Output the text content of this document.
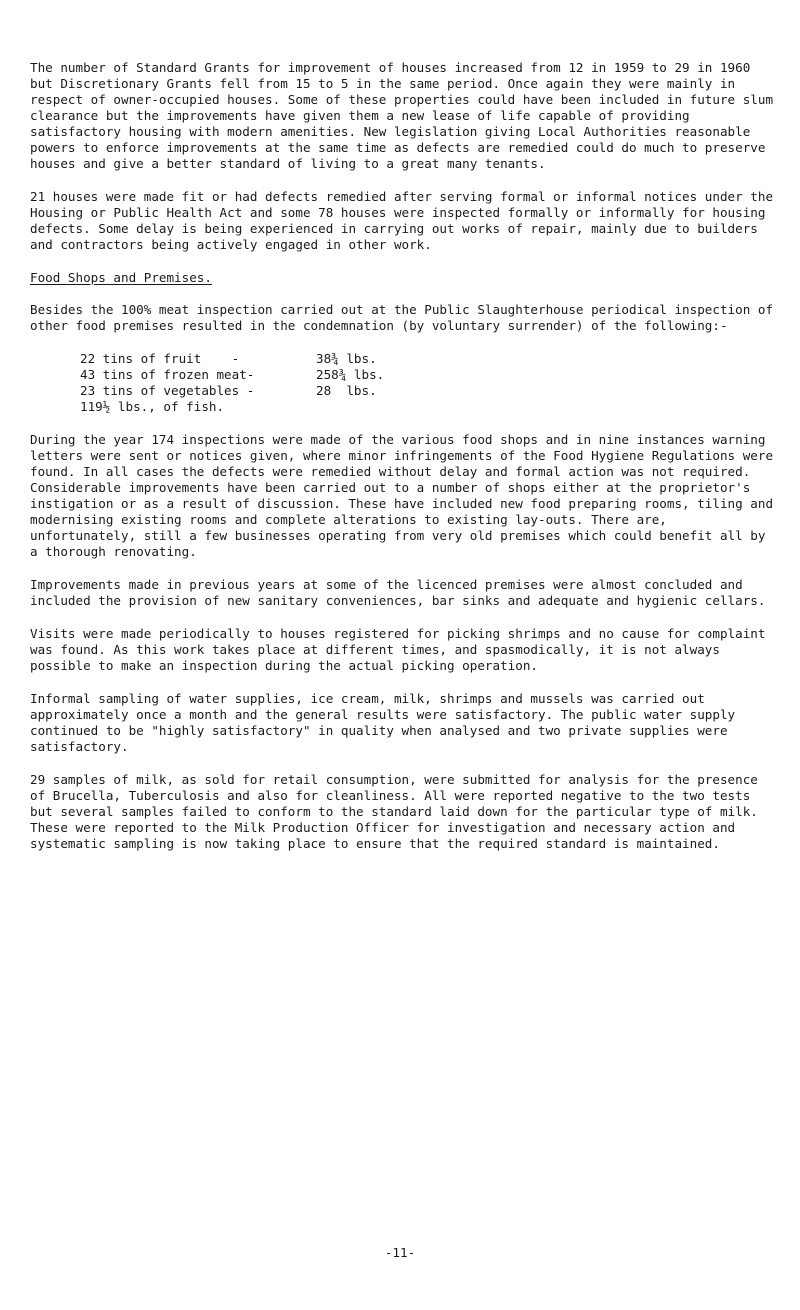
The number of Standard Grants for improvement of houses increased from 12 in 1959 to 29 in 1960 but Discretionary Grants fell from 15 to 5 in the same period. Once again they were mainly in respect of owner-occupied houses. Some of these properties could have been included in future slum clearance but the improvements have given them a new lease of life capable of providing satisfactory housing with modern amenities. New legislation giving Local Authorities reasonable powers to enforce improvements at the same time as defects are remedied could do much to preserve houses and give a better standard of living to a great many tenants.

21 houses were made fit or had defects remedied after serving formal or informal notices under the Housing or Public Health Act and some 78 houses were inspected formally or informally for housing defects. Some delay is being experienced in carrying out works of repair, mainly due to builders and contractors being actively engaged in other work.

Food Shops and Premises.

Besides the 100% meat inspection carried out at the Public Slaughterhouse periodical inspection of other food premises resulted in the condemnation (by voluntary surrender) of the following:-

22 tins of fruit    -	38¾ lbs.
43 tins of frozen meat-	258¾ lbs.
23 tins of vegetables -	28  lbs.
119½ lbs., of fish.

During the year 174 inspections were made of the various food shops and in nine instances warning letters were sent or notices given, where minor infringements of the Food Hygiene Regulations were found. In all cases the defects were remedied without delay and formal action was not required. Considerable improvements have been carried out to a number of shops either at the proprietor's instigation or as a result of discussion. These have included new food preparing rooms, tiling and modernising existing rooms and complete alterations to existing lay-outs. There are, unfortunately, still a few businesses operating from very old premises which could benefit all by a thorough renovating.

Improvements made in previous years at some of the licenced premises were almost concluded and included the provision of new sanitary conveniences, bar sinks and adequate and hygienic cellars.

Visits were made periodically to houses registered for picking shrimps and no cause for complaint was found. As this work takes place at different times, and spasmodically, it is not always possible to make an inspection during the actual picking operation.

Informal sampling of water supplies, ice cream, milk, shrimps and mussels was carried out approximately once a month and the general results were satisfactory. The public water supply continued to be "highly satisfactory" in quality when analysed and two private supplies were satisfactory.

29 samples of milk, as sold for retail consumption, were submitted for analysis for the presence of Brucella, Tuberculosis and also for cleanliness. All were reported negative to the two tests but several samples failed to conform to the standard laid down for the particular type of milk. These were reported to the Milk Production Officer for investigation and necessary action and systematic sampling is now taking place to ensure that the required standard is maintained.

-11-
